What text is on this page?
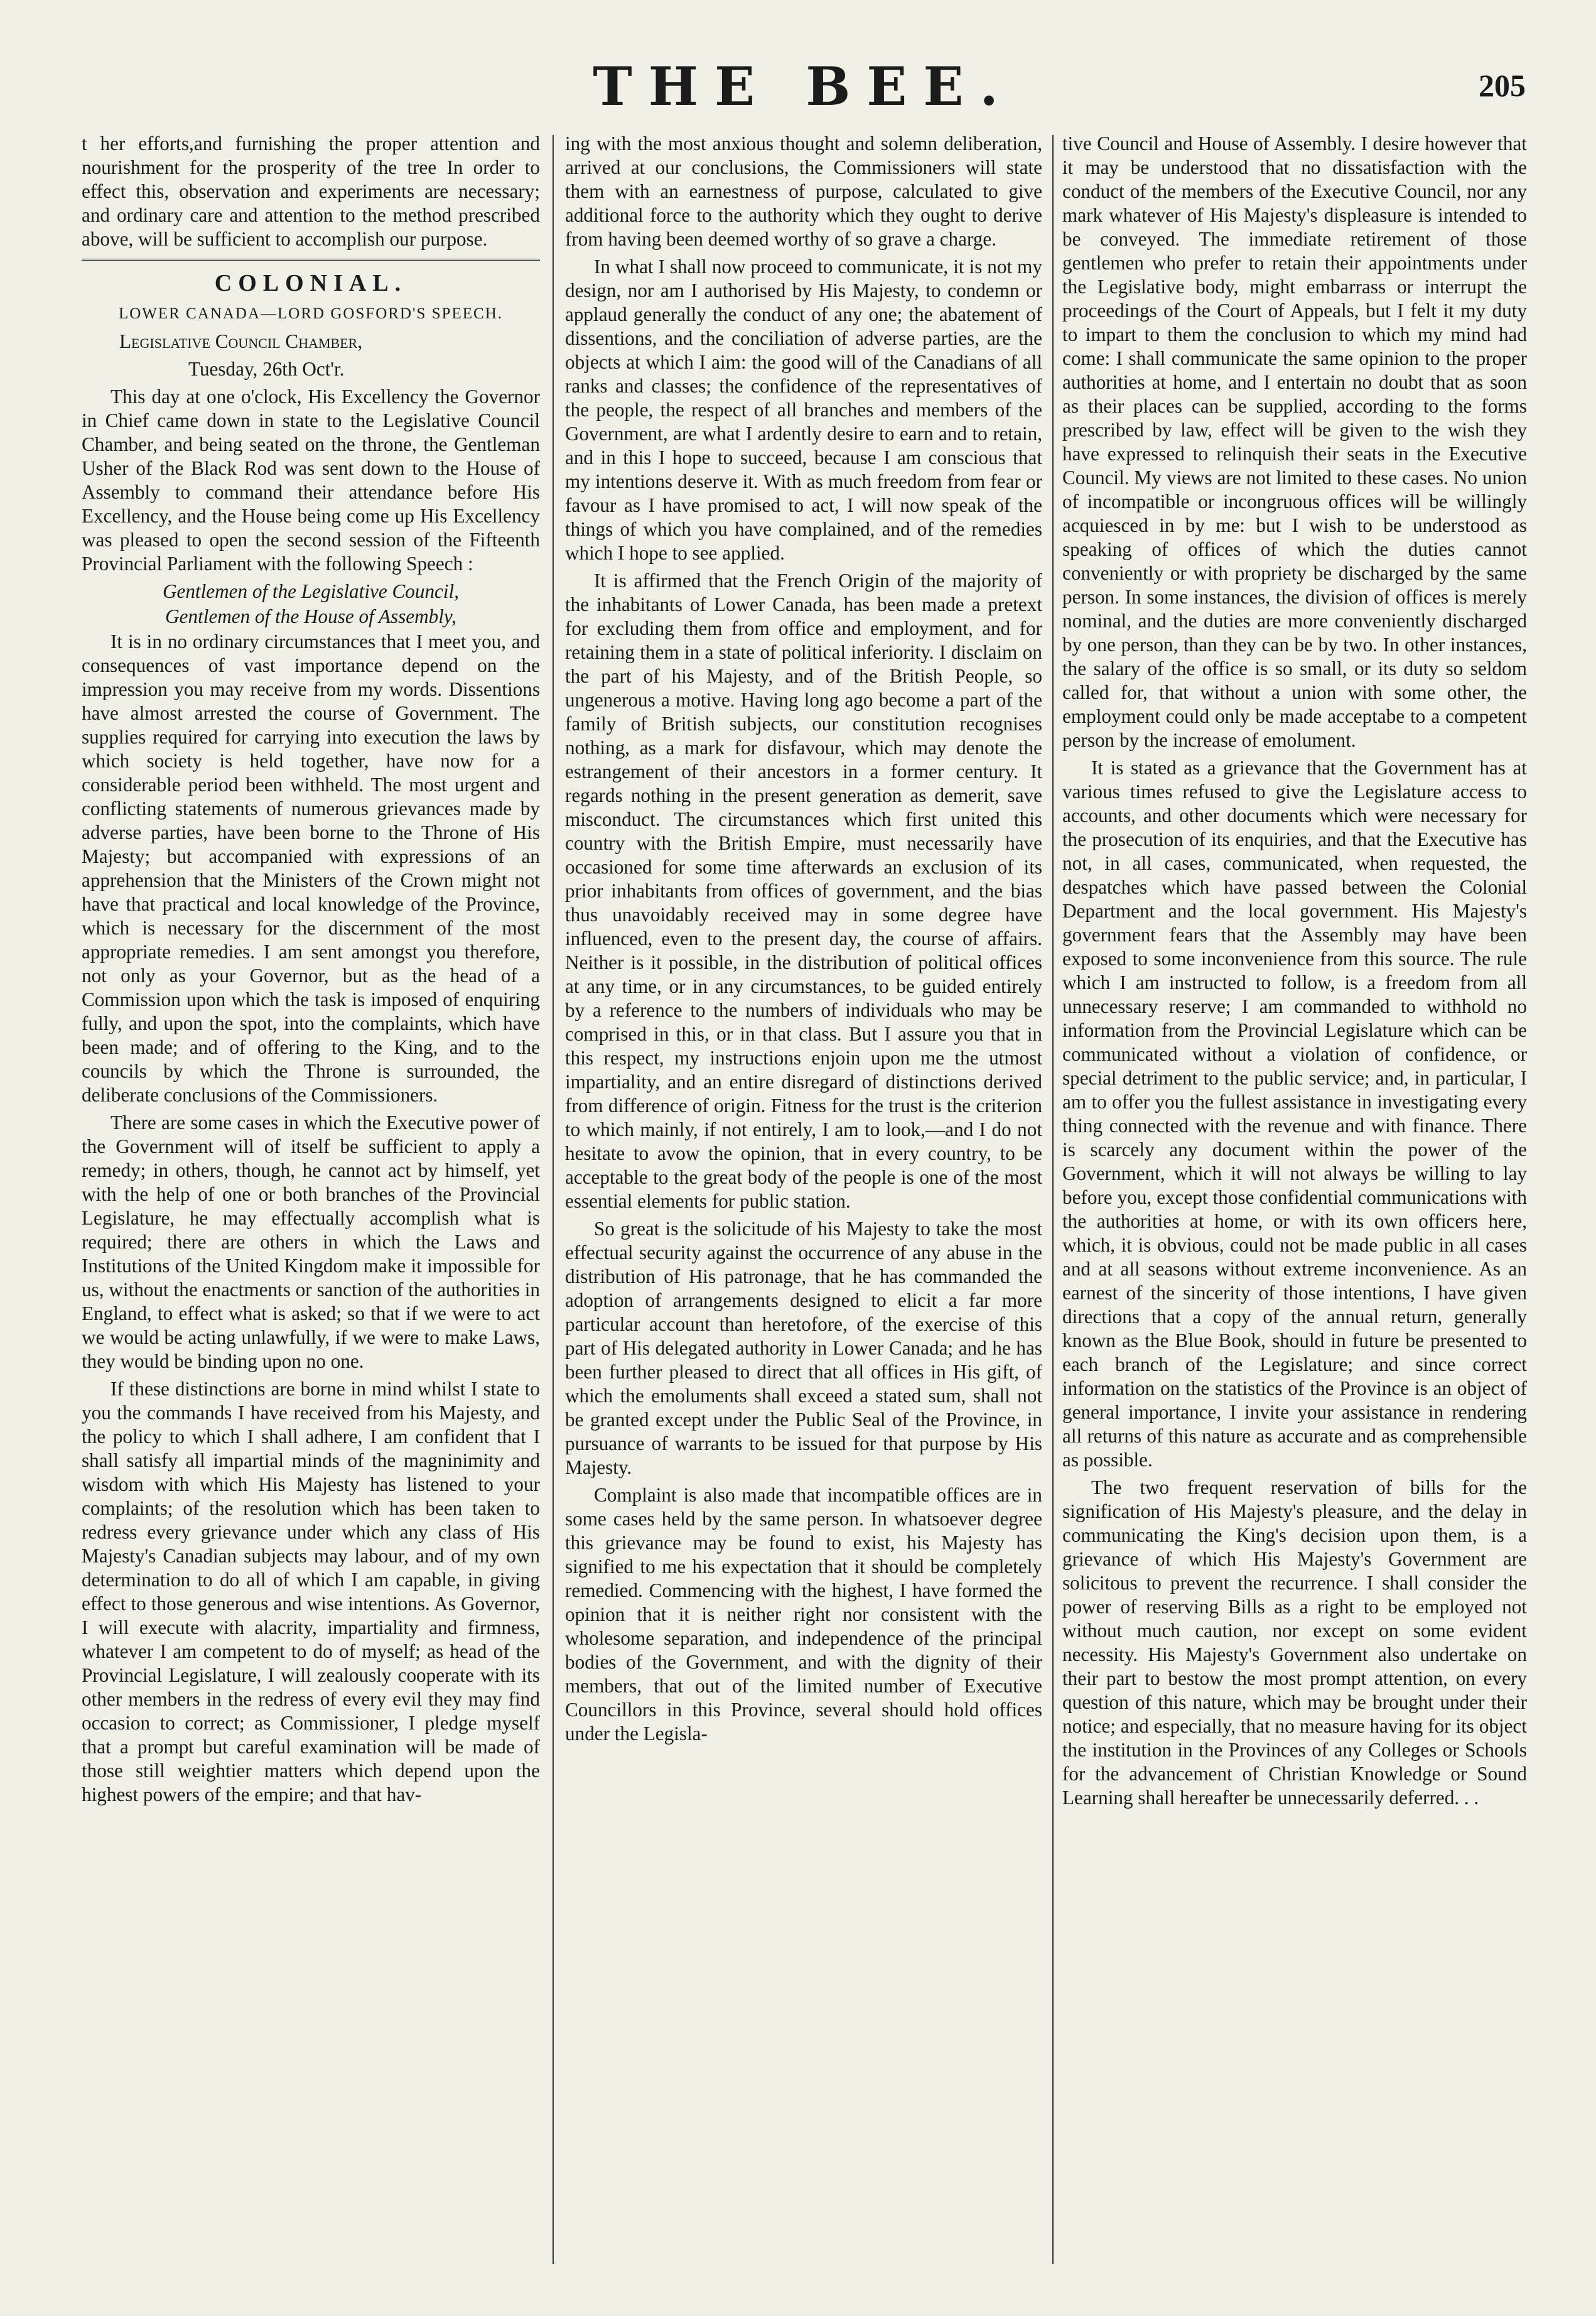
THE BEE.	205

t her efforts,and furnishing the proper attention and nourishment for the prosperity of the tree In order to effect this, observation and experiments are necessary; and ordinary care and attention to the method prescribed above, will be sufficient to accomplish our purpose.

COLONIAL.

LOWER CANADA—LORD GOSFORD'S SPEECH.

Legislative Council Chamber,

Tuesday, 26th Oct'r.

This day at one o'clock, His Excellency the Governor in Chief came down in state to the Legislative Council Chamber, and being seated on the throne, the Gentleman Usher of the Black Rod was sent down to the House of Assembly to command their attendance before His Excellency, and the House being come up His Excellency was pleased to open the second session of the Fifteenth Provincial Parliament with the following Speech :

Gentlemen of the Legislative Council,

Gentlemen of the House of Assembly,

It is in no ordinary circumstances that I meet you, and consequences of vast importance depend on the impression you may receive from my words. Dissentions have almost arrested the course of Government. The supplies required for carrying into execution the laws by which society is held together, have now for a considerable period been withheld. The most urgent and conflicting statements of numerous grievances made by adverse parties, have been borne to the Throne of His Majesty; but accompanied with expressions of an apprehension that the Ministers of the Crown might not have that practical and local knowledge of the Province, which is necessary for the discernment of the most appropriate remedies. I am sent amongst you therefore, not only as your Governor, but as the head of a Commission upon which the task is imposed of enquiring fully, and upon the spot, into the complaints, which have been made; and of offering to the King, and to the councils by which the Throne is surrounded, the deliberate conclusions of the Commissioners.

There are some cases in which the Executive power of the Government will of itself be sufficient to apply a remedy; in others, though, he cannot act by himself, yet with the help of one or both branches of the Provincial Legislature, he may effectually accomplish what is required; there are others in which the Laws and Institutions of the United Kingdom make it impossible for us, without the enactments or sanction of the authorities in England, to effect what is asked; so that if we were to act we would be acting unlawfully, if we were to make Laws, they would be binding upon no one.

If these distinctions are borne in mind whilst I state to you the commands I have received from his Majesty, and the policy to which I shall adhere, I am confident that I shall satisfy all impartial minds of the magninimity and wisdom with which His Majesty has listened to your complaints; of the resolution which has been taken to redress every grievance under which any class of His Majesty's Canadian subjects may labour, and of my own determination to do all of which I am capable, in giving effect to those generous and wise intentions. As Governor, I will execute with alacrity, impartiality and firmness, whatever I am competent to do of myself; as head of the Provincial Legislature, I will zealously cooperate with its other members in the redress of every evil they may find occasion to correct; as Commissioner, I pledge myself that a prompt but careful examination will be made of those still weightier matters which depend upon the highest powers of the empire; and that hav-

ing with the most anxious thought and solemn deliberation, arrived at our conclusions, the Commissioners will state them with an earnestness of purpose, calculated to give additional force to the authority which they ought to derive from having been deemed worthy of so grave a charge.

In what I shall now proceed to communicate, it is not my design, nor am I authorised by His Majesty, to condemn or applaud generally the conduct of any one; the abatement of dissentions, and the conciliation of adverse parties, are the objects at which I aim: the good will of the Canadians of all ranks and classes; the confidence of the representatives of the people, the respect of all branches and members of the Government, are what I ardently desire to earn and to retain, and in this I hope to succeed, because I am conscious that my intentions deserve it. With as much freedom from fear or favour as I have promised to act, I will now speak of the things of which you have complained, and of the remedies which I hope to see applied.

It is affirmed that the French Origin of the majority of the inhabitants of Lower Canada, has been made a pretext for excluding them from office and employment, and for retaining them in a state of political inferiority. I disclaim on the part of his Majesty, and of the British People, so ungenerous a motive. Having long ago become a part of the family of British subjects, our constitution recognises nothing, as a mark for disfavour, which may denote the estrangement of their ancestors in a former century. It regards nothing in the present generation as demerit, save misconduct. The circumstances which first united this country with the British Empire, must necessarily have occasioned for some time afterwards an exclusion of its prior inhabitants from offices of government, and the bias thus unavoidably received may in some degree have influenced, even to the present day, the course of affairs. Neither is it possible, in the distribution of political offices at any time, or in any circumstances, to be guided entirely by a reference to the numbers of individuals who may be comprised in this, or in that class. But I assure you that in this respect, my instructions enjoin upon me the utmost impartiality, and an entire disregard of distinctions derived from difference of origin. Fitness for the trust is the criterion to which mainly, if not entirely, I am to look,—and I do not hesitate to avow the opinion, that in every country, to be acceptable to the great body of the people is one of the most essential elements for public station.

So great is the solicitude of his Majesty to take the most effectual security against the occurrence of any abuse in the distribution of His patronage, that he has commanded the adoption of arrangements designed to elicit a far more particular account than heretofore, of the exercise of this part of His delegated authority in Lower Canada; and he has been further pleased to direct that all offices in His gift, of which the emoluments shall exceed a stated sum, shall not be granted except under the Public Seal of the Province, in pursuance of warrants to be issued for that purpose by His Majesty.

Complaint is also made that incompatible offices are in some cases held by the same person. In whatsoever degree this grievance may be found to exist, his Majesty has signified to me his expectation that it should be completely remedied. Commencing with the highest, I have formed the opinion that it is neither right nor consistent with the wholesome separation, and independence of the principal bodies of the Government, and with the dignity of their members, that out of the limited number of Executive Councillors in this Province, several should hold offices under the Legisla-

tive Council and House of Assembly. I desire however that it may be understood that no dissatisfaction with the conduct of the members of the Executive Council, nor any mark whatever of His Majesty's displeasure is intended to be conveyed. The immediate retirement of those gentlemen who prefer to retain their appointments under the Legislative body, might embarrass or interrupt the proceedings of the Court of Appeals, but I felt it my duty to impart to them the conclusion to which my mind had come: I shall communicate the same opinion to the proper authorities at home, and I entertain no doubt that as soon as their places can be supplied, according to the forms prescribed by law, effect will be given to the wish they have expressed to relinquish their seats in the Executive Council. My views are not limited to these cases. No union of incompatible or incongruous offices will be willingly acquiesced in by me: but I wish to be understood as speaking of offices of which the duties cannot conveniently or with propriety be discharged by the same person. In some instances, the division of offices is merely nominal, and the duties are more conveniently discharged by one person, than they can be by two. In other instances, the salary of the office is so small, or its duty so seldom called for, that without a union with some other, the employment could only be made acceptabe to a competent person by the increase of emolument.

It is stated as a grievance that the Government has at various times refused to give the Legislature access to accounts, and other documents which were necessary for the prosecution of its enquiries, and that the Executive has not, in all cases, communicated, when requested, the despatches which have passed between the Colonial Department and the local government. His Majesty's government fears that the Assembly may have been exposed to some inconvenience from this source. The rule which I am instructed to follow, is a freedom from all unnecessary reserve; I am commanded to withhold no information from the Provincial Legislature which can be communicated without a violation of confidence, or special detriment to the public service; and, in particular, I am to offer you the fullest assistance in investigating every thing connected with the revenue and with finance. There is scarcely any document within the power of the Government, which it will not always be willing to lay before you, except those confidential communications with the authorities at home, or with its own officers here, which, it is obvious, could not be made public in all cases and at all seasons without extreme inconvenience. As an earnest of the sincerity of those intentions, I have given directions that a copy of the annual return, generally known as the Blue Book, should in future be presented to each branch of the Legislature; and since correct information on the statistics of the Province is an object of general importance, I invite your assistance in rendering all returns of this nature as accurate and as comprehensible as possible.

The two frequent reservation of bills for the signification of His Majesty's pleasure, and the delay in communicating the King's decision upon them, is a grievance of which His Majesty's Government are solicitous to prevent the recurrence. I shall consider the power of reserving Bills as a right to be employed not without much caution, nor except on some evident necessity. His Majesty's Government also undertake on their part to bestow the most prompt attention, on every question of this nature, which may be brought under their notice; and especially, that no measure having for its object the institution in the Provinces of any Colleges or Schools for the advancement of Christian Knowledge or Sound Learning shall hereafter be unnecessarily deferred. . .
